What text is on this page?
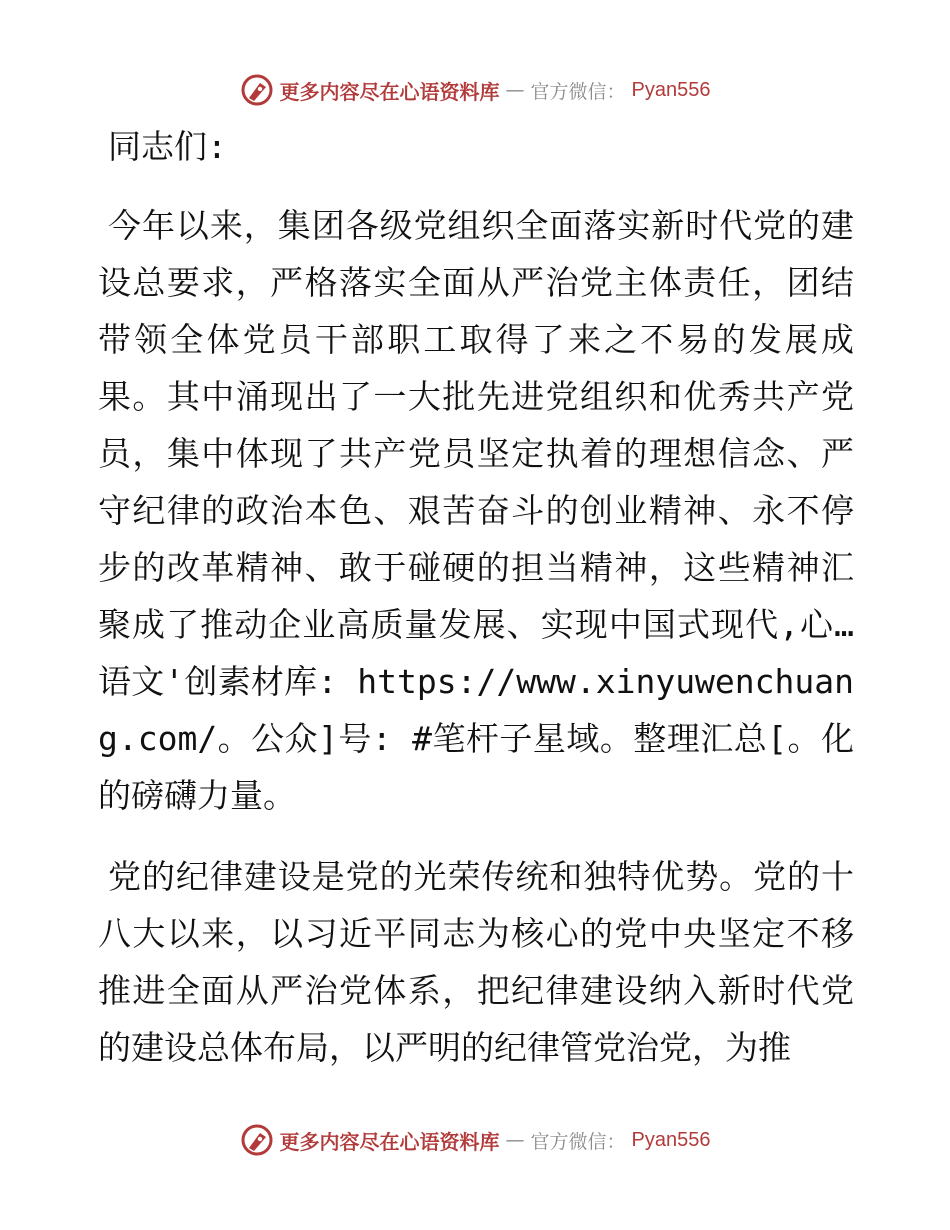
更多内容尽在心语资料库 — 官方微信： Pyan556

同志们:

今年以来，集团各级党组织全面落实新时代党的建设总要求，严格落实全面从严治党主体责任，团结带领全体党员干部职工取得了来之不易的发展成果。其中涌现出了一大批先进党组织和优秀共产党员，集中体现了共产党员坚定执着的理想信念、严守纪律的政治本色、艰苦奋斗的创业精神、永不停步的改革精神、敢于碰硬的担当精神，这些精神汇聚成了推动企业高质量发展、实现中国式现代,心…语文'创素材库: https://www.xinyuwenchuang.com/。公众]号: #笔杆子星域。整理汇总[。化的磅礴力量。

党的纪律建设是党的光荣传统和独特优势。党的十八大以来，以习近平同志为核心的党中央坚定不移推进全面从严治党体系，把纪律建设纳入新时代党的建设总体布局，以严明的纪律管党治党，为推

更多内容尽在心语资料库 — 官方微信： Pyan556
